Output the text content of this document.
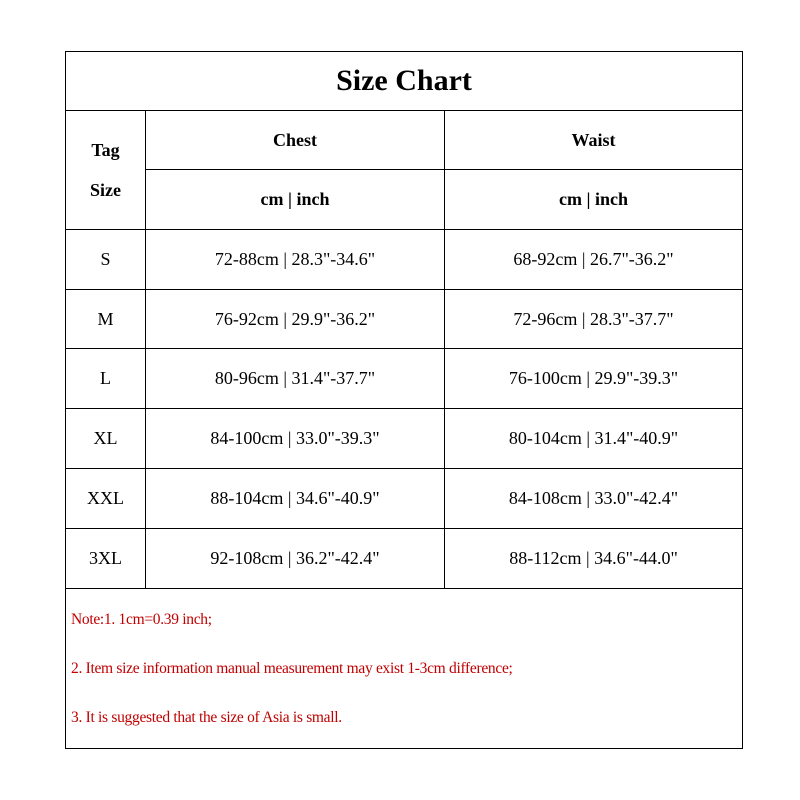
Size Chart
Tag
Size
Chest	Waist
cm | inch	cm | inch
S	72-88cm | 28.3"-34.6"	68-92cm | 26.7"-36.2"
M	76-92cm | 29.9"-36.2"	72-96cm | 28.3"-37.7"
L	80-96cm | 31.4"-37.7"	76-100cm | 29.9"-39.3"
XL	84-100cm | 33.0"-39.3"	80-104cm | 31.4"-40.9"
XXL	88-104cm | 34.6"-40.9"	84-108cm | 33.0"-42.4"
3XL	92-108cm | 36.2"-42.4"	88-112cm | 34.6"-44.0"
Note:1. 1cm=0.39 inch;
2. Item size information manual measurement may exist 1-3cm difference;
3. It is suggested that the size of Asia is small.
